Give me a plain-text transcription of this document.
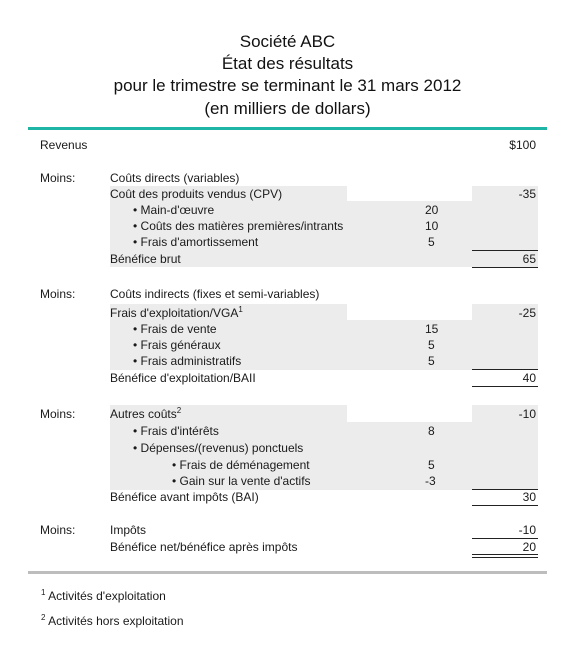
Société ABC
État des résultats
pour le trimestre se terminant le 31 mars 2012
(en milliers de dollars)
Revenus	$100
Moins:	Coûts directs (variables)
Coût des produits vendus (CPV)	-35
• Main-d'œuvre	20
• Coûts des matières premières/intrants	10
• Frais d'amortissement	5
Bénéfice brut	65
Moins:	Coûts indirects (fixes et semi-variables)
Frais d'exploitation/VGA$^1$	-25
• Frais de vente	15
• Frais généraux	5
• Frais administratifs	5
Bénéfice d'exploitation/BAII	40
Moins:	Autres coûts$^2$	-10
• Frais d'intérêts	8
• Dépenses/(revenus) ponctuels
• Frais de déménagement	5
• Gain sur la vente d'actifs	-3
Bénéfice avant impôts (BAI)	30
Moins:	Impôts	-10
Bénéfice net/bénéfice après impôts	20
$^1$ Activités d'exploitation
$^2$ Activités hors exploitation
